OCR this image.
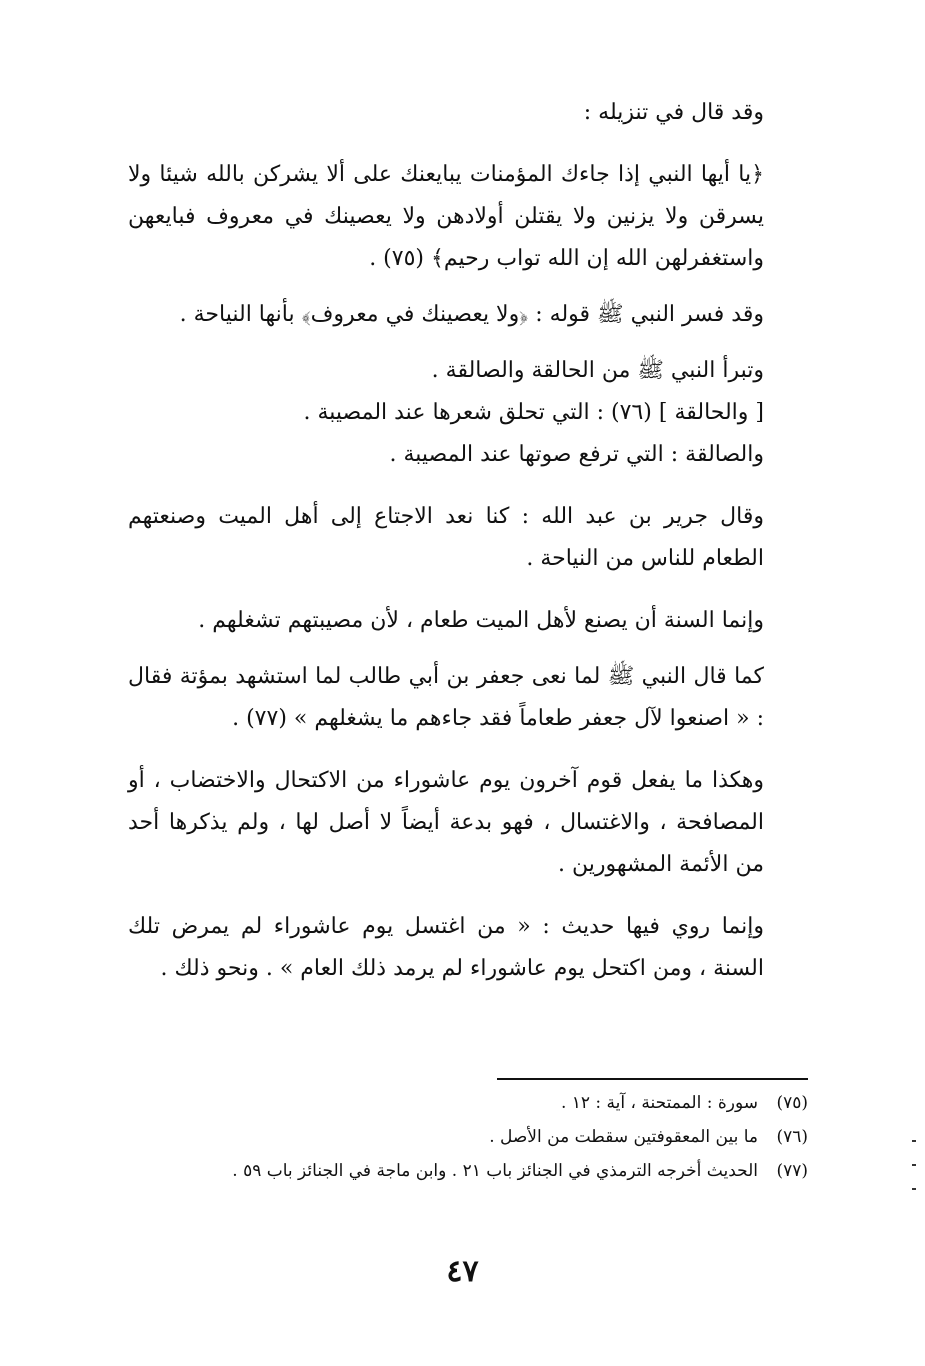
وقد قال في تنزيله :

﴿يا أيها النبي إذا جاءك المؤمنات يبايعنك على ألا يشركن بالله شيئا ولا يسرقن ولا يزنين ولا يقتلن أولادهن ولا يعصينك في معروف فبايعهن واستغفرلهن الله إن الله تواب رحيم﴾ (٧٥) .

وقد فسر النبي ﷺ قوله : ﴿ولا يعصينك في معروف﴾ بأنها النياحة .

وتبرأ النبي ﷺ من الحالقة والصالقة .

[ والحالقة ] (٧٦) : التي تحلق شعرها عند المصيبة .

والصالقة : التي ترفع صوتها عند المصيبة .

وقال جرير بن عبد الله : كنا نعد الاجتاع إلى أهل الميت وصنعتهم الطعام للناس من النياحة .

وإنما السنة أن يصنع لأهل الميت طعام ، لأن مصيبتهم تشغلهم .

كما قال النبي ﷺ لما نعى جعفر بن أبي طالب لما استشهد بمؤتة فقال : « اصنعوا لآل جعفر طعاماً فقد جاءهم ما يشغلهم » (٧٧) .

وهكذا ما يفعل قوم آخرون يوم عاشوراء من الاكتحال والاختضاب ، أو المصافحة ، والاغتسال ، فهو بدعة أيضاً لا أصل لها ، ولم يذكرها أحد من الأئمة المشهورين .

وإنما روي فيها حديث : « من اغتسل يوم عاشوراء لم يمرض تلك السنة ، ومن اكتحل يوم عاشوراء لم يرمد ذلك العام » . ونحو ذلك .

(٧٥)سورة : الممتحنة ، آية : ١٢ .

(٧٦)ما بين المعقوفتين سقطت من الأصل .

(٧٧)الحديث أخرجه الترمذي في الجنائز باب ٢١ . وابن ماجة في الجنائز باب ٥٩ .

٤٧
